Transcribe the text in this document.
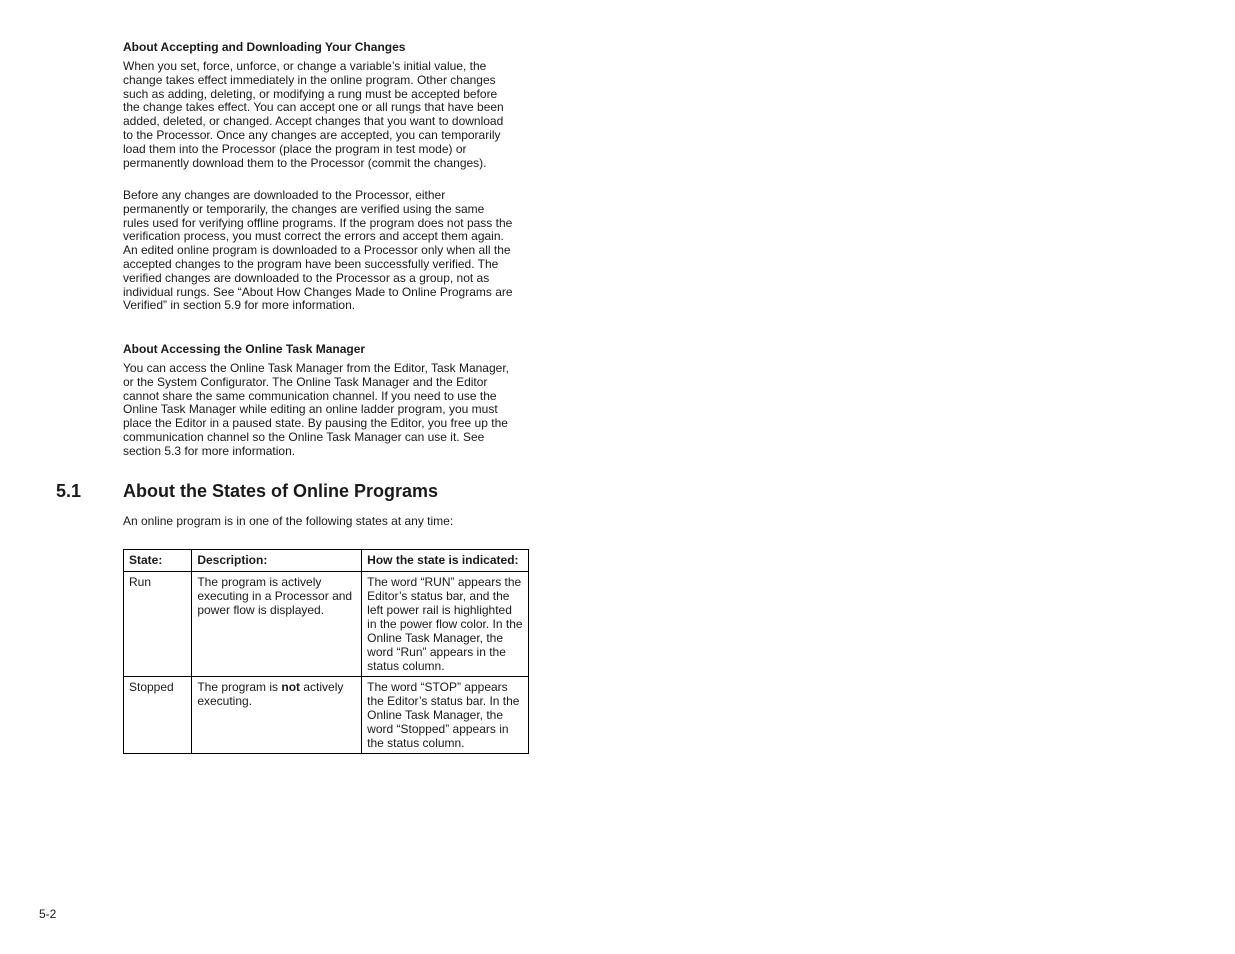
About Accepting and Downloading Your Changes

When you set, force, unforce, or change a variable’s initial value, the change takes effect immediately in the online program. Other changes such as adding, deleting, or modifying a rung must be accepted before the change takes effect. You can accept one or all rungs that have been added, deleted, or changed. Accept changes that you want to download to the Processor. Once any changes are accepted, you can temporarily load them into the Processor (place the program in test mode) or permanently download them to the Processor (commit the changes).

Before any changes are downloaded to the Processor, either permanently or temporarily, the changes are verified using the same rules used for verifying offline programs. If the program does not pass the verification process, you must correct the errors and accept them again. An edited online program is downloaded to a Processor only when all the accepted changes to the program have been successfully verified. The verified changes are downloaded to the Processor as a group, not as individual rungs. See “About How Changes Made to Online Programs are Verified” in section 5.9 for more information.

About Accessing the Online Task Manager

You can access the Online Task Manager from the Editor, Task Manager, or the System Configurator. The Online Task Manager and the Editor cannot share the same communication channel. If you need to use the Online Task Manager while editing an online ladder program, you must place the Editor in a paused state. By pausing the Editor, you free up the communication channel so the Online Task Manager can use it. See section 5.3 for more information.

5.1 About the States of Online Programs

An online program is in one of the following states at any time:

State:	Description:	How the state is indicated:
Run	The program is actively executing in a Processor and power flow is displayed.	The word “RUN” appears the Editor’s status bar, and the left power rail is highlighted in the power flow color. In the Online Task Manager, the word “Run” appears in the status column.
Stopped	The program is not actively executing.	The word “STOP” appears the Editor’s status bar. In the Online Task Manager, the word “Stopped” appears in the status column.
5-2
